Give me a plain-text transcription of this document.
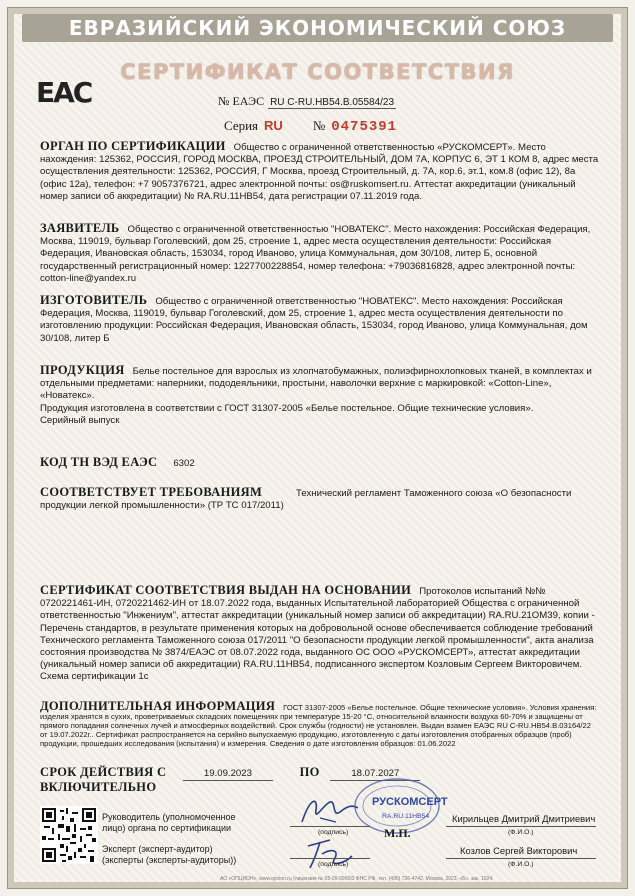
ЕВРАЗИЙСКИЙ ЭКОНОМИЧЕСКИЙ СОЮЗ
ЕАС
СЕРТИФИКАТ СООТВЕТСТВИЯ
№ ЕАЭС RU С-RU.НВ54.В.05584/23
Серия RU № 0475391
ОРГАН ПО СЕРТИФИКАЦИИ Общество с ограниченной ответственностью «РУСКОМСЕРТ». Место нахождения: 125362, РОССИЯ, ГОРОД МОСКВА, ПРОЕЗД СТРОИТЕЛЬНЫЙ, ДОМ 7А, КОРПУС 6, ЭТ 1 КОМ 8, адрес места осуществления деятельности: 125362, РОССИЯ, Г Москва, проезд Строительный, д. 7А, кор.6, эт.1, ком.8 (офис 12), 8а (офис 12а), телефон: +7 9057376721, адрес электронной почты: os@ruskomsert.ru. Аттестат аккредитации (уникальный номер записи об аккредитации) № RA.RU.11НВ54, дата регистрации 07.11.2019 года.
ЗАЯВИТЕЛЬ Общество с ограниченной ответственностью "НОВАТЕКС". Место нахождения: Российская Федерация, Москва, 119019, бульвар Гоголевский, дом 25, строение 1, адрес места осуществления деятельности: Российская Федерация, Ивановская область, 153034, город Иваново, улица Коммунальная, дом 30/108, литер Б, основной государственный регистрационный номер: 1227700228854, номер телефона: +79036816828, адрес электронной почты: cotton-line@yandex.ru
ИЗГОТОВИТЕЛЬ Общество с ограниченной ответственностью "НОВАТЕКС". Место нахождения: Российская Федерация, Москва, 119019, бульвар Гоголевский, дом 25, строение 1, адрес места осуществления деятельности по изготовлению продукции: Российская Федерация, Ивановская область, 153034, город Иваново, улица Коммунальная, дом 30/108, литер Б
ПРОДУКЦИЯ Белье постельное для взрослых из хлопчатобумажных, полиэфирнохлопковых тканей, в комплектах и отдельными предметами: наперники, пододеяльники, простыни, наволочки верхние с маркировкой: «Cotton-Line», «Новатекс».
Продукция изготовлена в соответствии с ГОСТ 31307-2005 «Белье постельное. Общие технические условия».
Серийный выпуск
КОД ТН ВЭД ЕАЭС 6302
СООТВЕТСТВУЕТ ТРЕБОВАНИЯМ	Технический регламент Таможенного союза «О безопасности продукции легкой промышленности» (ТР ТС 017/2011)
СЕРТИФИКАТ СООТВЕТСТВИЯ ВЫДАН НА ОСНОВАНИИ Протоколов испытаний №№ 0720221461-ИН, 0720221462-ИН от 18.07.2022 года, выданных Испытательной лабораторией Общества с ограниченной ответственностью "Инжениум", аттестат аккредитации (уникальный номер записи об аккредитации) RA.RU.21ОМ39, копии - Перечень стандартов, в результате применения которых на добровольной основе обеспечивается соблюдение требований Технического регламента Таможенного союза 017/2011 "О безопасности продукции легкой промышленности", акта анализа состояния производства № 3874/ЕАЭС от 08.07.2022 года, выданного ОС ООО «РУСКОМСЕРТ», аттестат аккредитации (уникальный номер записи об аккредитации) RA.RU.11НВ54, подписанного экспертом Козловым Сергеем Викторовичем.
Схема сертификации 1с
ДОПОЛНИТЕЛЬНАЯ ИНФОРМАЦИЯ ГОСТ 31307-2005 «Белье постельное. Общие технические условия». Условия хранения: изделия хранятся в сухих, проветриваемых складских помещениях при температуре 15-20 °С, относительной влажности воздуха 60-70% и защищены от прямого попадания солнечных лучей и атмосферных воздействий. Срок службы (годности) не установлен. Выдан взамен ЕАЭС RU С-RU.НВ54.В.03164/22 от 19.07.2022г.. Сертификат распространяется на серийно выпускаемую продукцию, изготовленную с даты изготовления отобранных образцов (проб) продукции, прошедших исследования (испытания) и измерения. Сведения о дате изготовления образцов: 01.06.2022
СРОК ДЕЙСТВИЯ С	19.09.2023	ПО	18.07.2027
ВКЛЮЧИТЕЛЬНО
Руководитель (уполномоченное лицо) органа по сертификации
Эксперт (эксперт-аудитор) (эксперты (эксперты-аудиторы))
РУСКОМСЕРТ
RA.RU.11НВ54
М.П.
(подпись)
Кирильцев Дмитрий Дмитриевич
(Ф.И.О.)
(подпись)
Козлов Сергей Викторович
(Ф.И.О.)
АО «ОПЦИОН», www.opcion.ru (лицензия № 05-05-09/003 ФНС РФ, тел. (495) 726-4742, Москва, 2023, «Б». зак. 1024.
